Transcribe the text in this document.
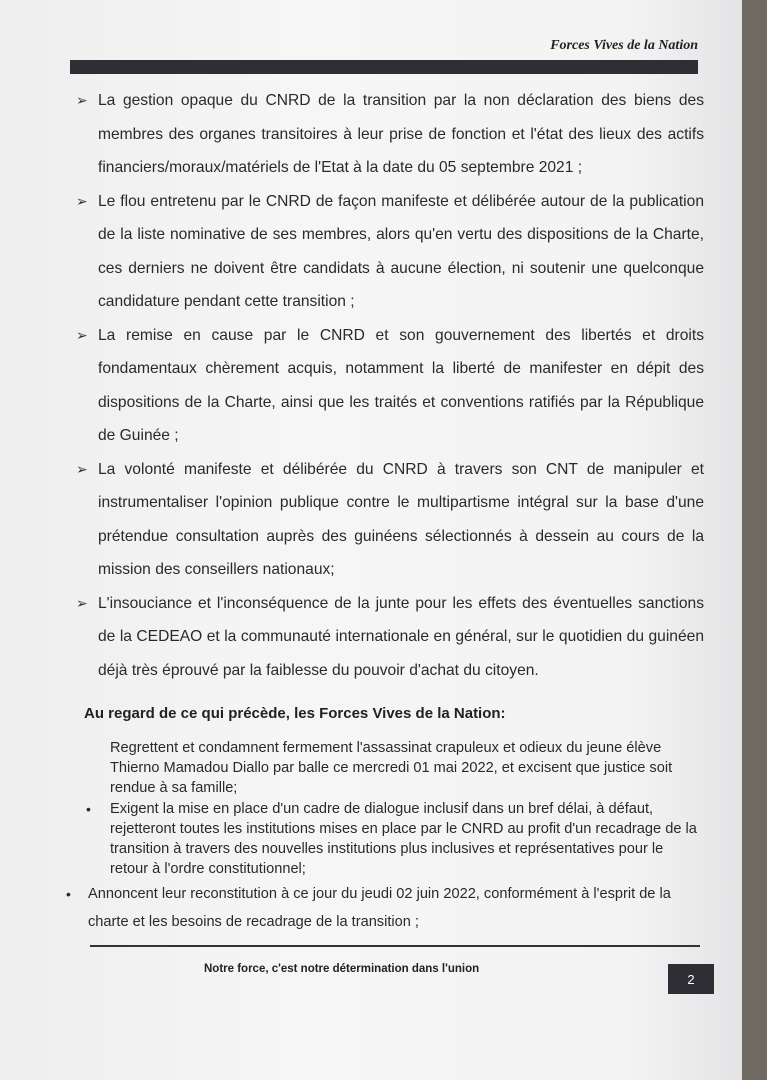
Forces Vives de la Nation
➢ La gestion opaque du CNRD de la transition par la non déclaration des biens des membres des organes transitoires à leur prise de fonction et l'état des lieux des actifs financiers/moraux/matériels de l'Etat à la date du 05 septembre 2021 ;
➢ Le flou entretenu par le CNRD de façon manifeste et délibérée autour de la publication de la liste nominative de ses membres, alors qu'en vertu des dispositions de la Charte, ces derniers ne doivent être candidats à aucune élection, ni soutenir une quelconque candidature pendant cette transition ;
➢ La remise en cause par le CNRD et son gouvernement des libertés et droits fondamentaux chèrement acquis, notamment la liberté de manifester en dépit des dispositions de la Charte, ainsi que les traités et conventions ratifiés par la République de Guinée ;
➢ La volonté manifeste et délibérée du CNRD à travers son CNT de manipuler et instrumentaliser l'opinion publique contre le multipartisme intégral sur la base d'une prétendue consultation auprès des guinéens sélectionnés à dessein au cours de la mission des conseillers nationaux;
➢ L'insouciance et l'inconséquence de la junte pour les effets des éventuelles sanctions de la CEDEAO et la communauté internationale en général, sur le quotidien du guinéen déjà très éprouvé par la faiblesse du pouvoir d'achat du citoyen.
Au regard de ce qui précède, les Forces Vives de la Nation:
Regrettent et condamnent fermement l'assassinat crapuleux et odieux du jeune élève Thierno Mamadou Diallo par balle ce mercredi 01 mai 2022, et excisent que justice soit rendue à sa famille;
• Exigent la mise en place d'un cadre de dialogue inclusif dans un bref délai, à défaut, rejetteront toutes les institutions mises en place par le CNRD au profit d'un recadrage de la transition à travers des nouvelles institutions plus inclusives et représentatives pour le retour à l'ordre constitutionnel;
• Annoncent leur reconstitution à ce jour du jeudi 02 juin 2022, conformément à l'esprit de la charte et les besoins de recadrage de la transition ;
Notre force, c'est notre détermination dans l'union
2
